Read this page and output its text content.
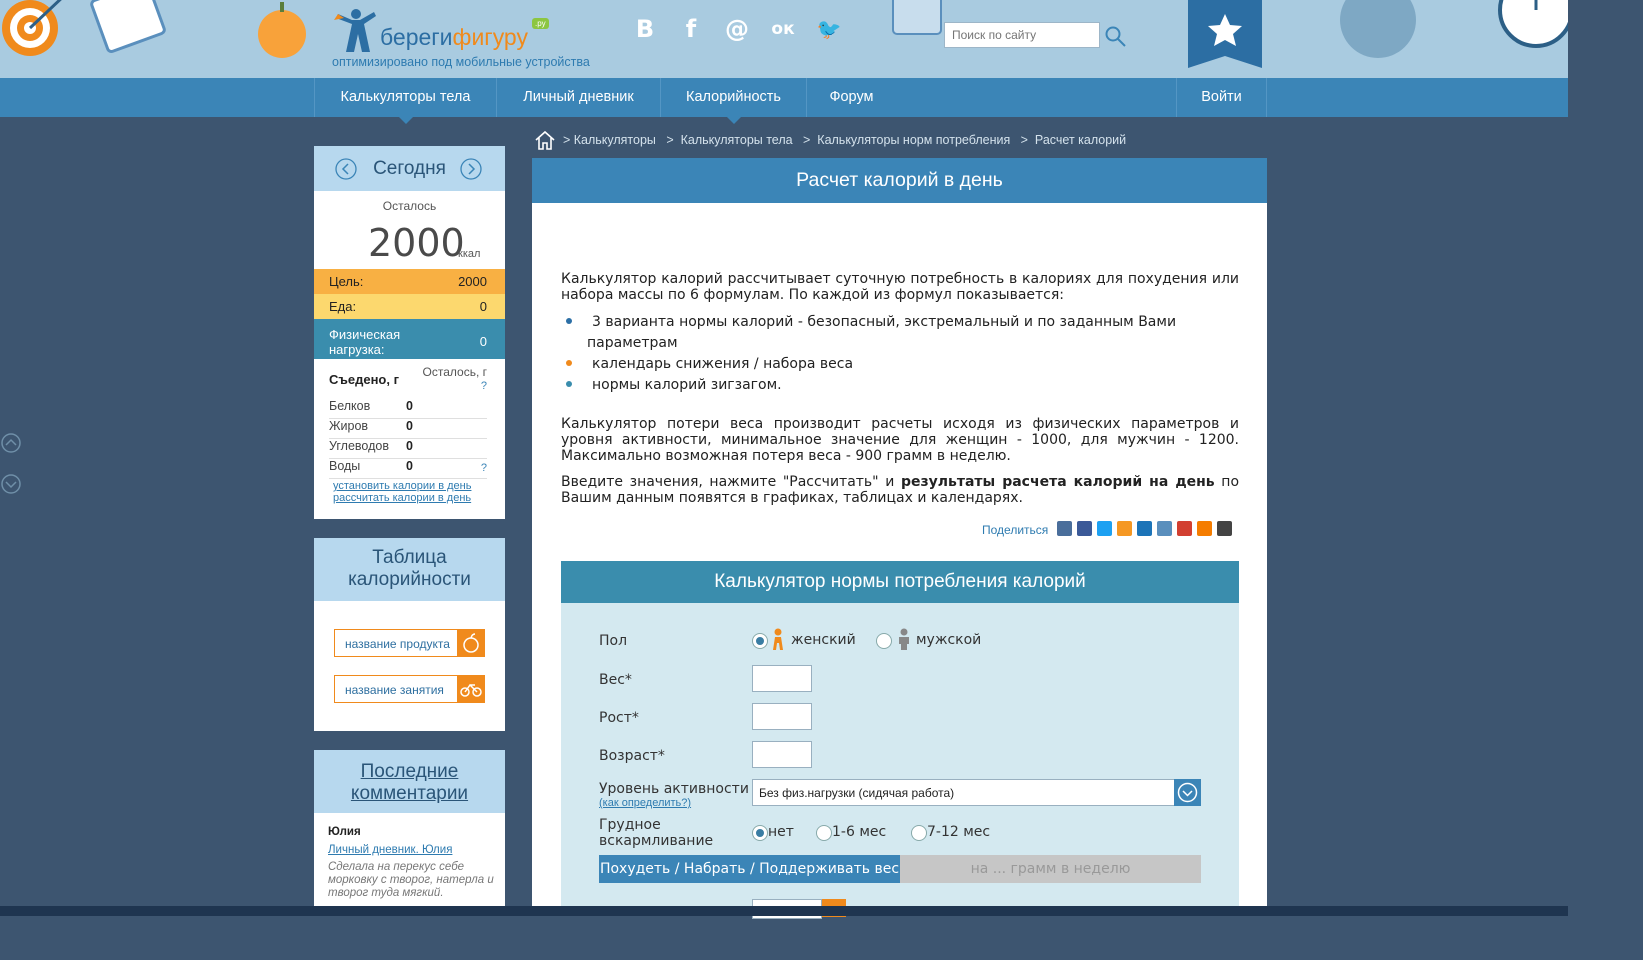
берегифигуру
.ру
оптимизировано под мобильные устройства
B f @ ок 🐦
Поиск по сайту
Калькуляторы тела	Личный дневник	Калорийность	Форум	Войти
Сегодня
Осталось
2000
ккал
Цель:	2000
Еда:	0
Физическая нагрузка:	0
Съедено, г Осталось, г
?
Белков	0
Жиров	0
Углеводов 0
Воды	0	?
установить калории в день
рассчитать калории в день
Таблица калорийности
название продукта
название занятия
Последние комментарии
Юлия
Личный дневник. Юлия
Сделала на перекус себе морковку с творог, натерла и творог туда мягкий.
> Калькуляторы   >  Калькуляторы тела   >  Калькуляторы норм потребления   >  Расчет калорий
Расчет калорий в день
Калькулятор калорий рассчитывает суточную потребность в калориях для похудения или набора массы по 6 формулам. По каждой из формул показывается:
3 варианта нормы калорий - безопасный, экстремальный и по заданным Вами
параметрам
календарь снижения / набора веса
нормы калорий зигзагом.
Калькулятор потери веса производит расчеты исходя из физических параметров и уровня активности, минимальное значение для женщин - 1000, для мужчин - 1200. Максимально возможная потеря веса - 900 грамм в неделю.
Введите значения, нажмите "Рассчитать" и результаты расчета калорий на день по Вашим данным появятся в графиках, таблицах и календарях.
Поделиться
Калькулятор нормы потребления калорий
Пол	женский	мужской
Вес*
Рост*
Возраст*
Уровень активности
(как определить?)
Без физ.нагрузки (сидячая работа)
Грудное вскармливание
нет	1-6 мес	7-12 мес
Похудеть / Набрать / Поддерживать вес	на ... грамм в неделю
